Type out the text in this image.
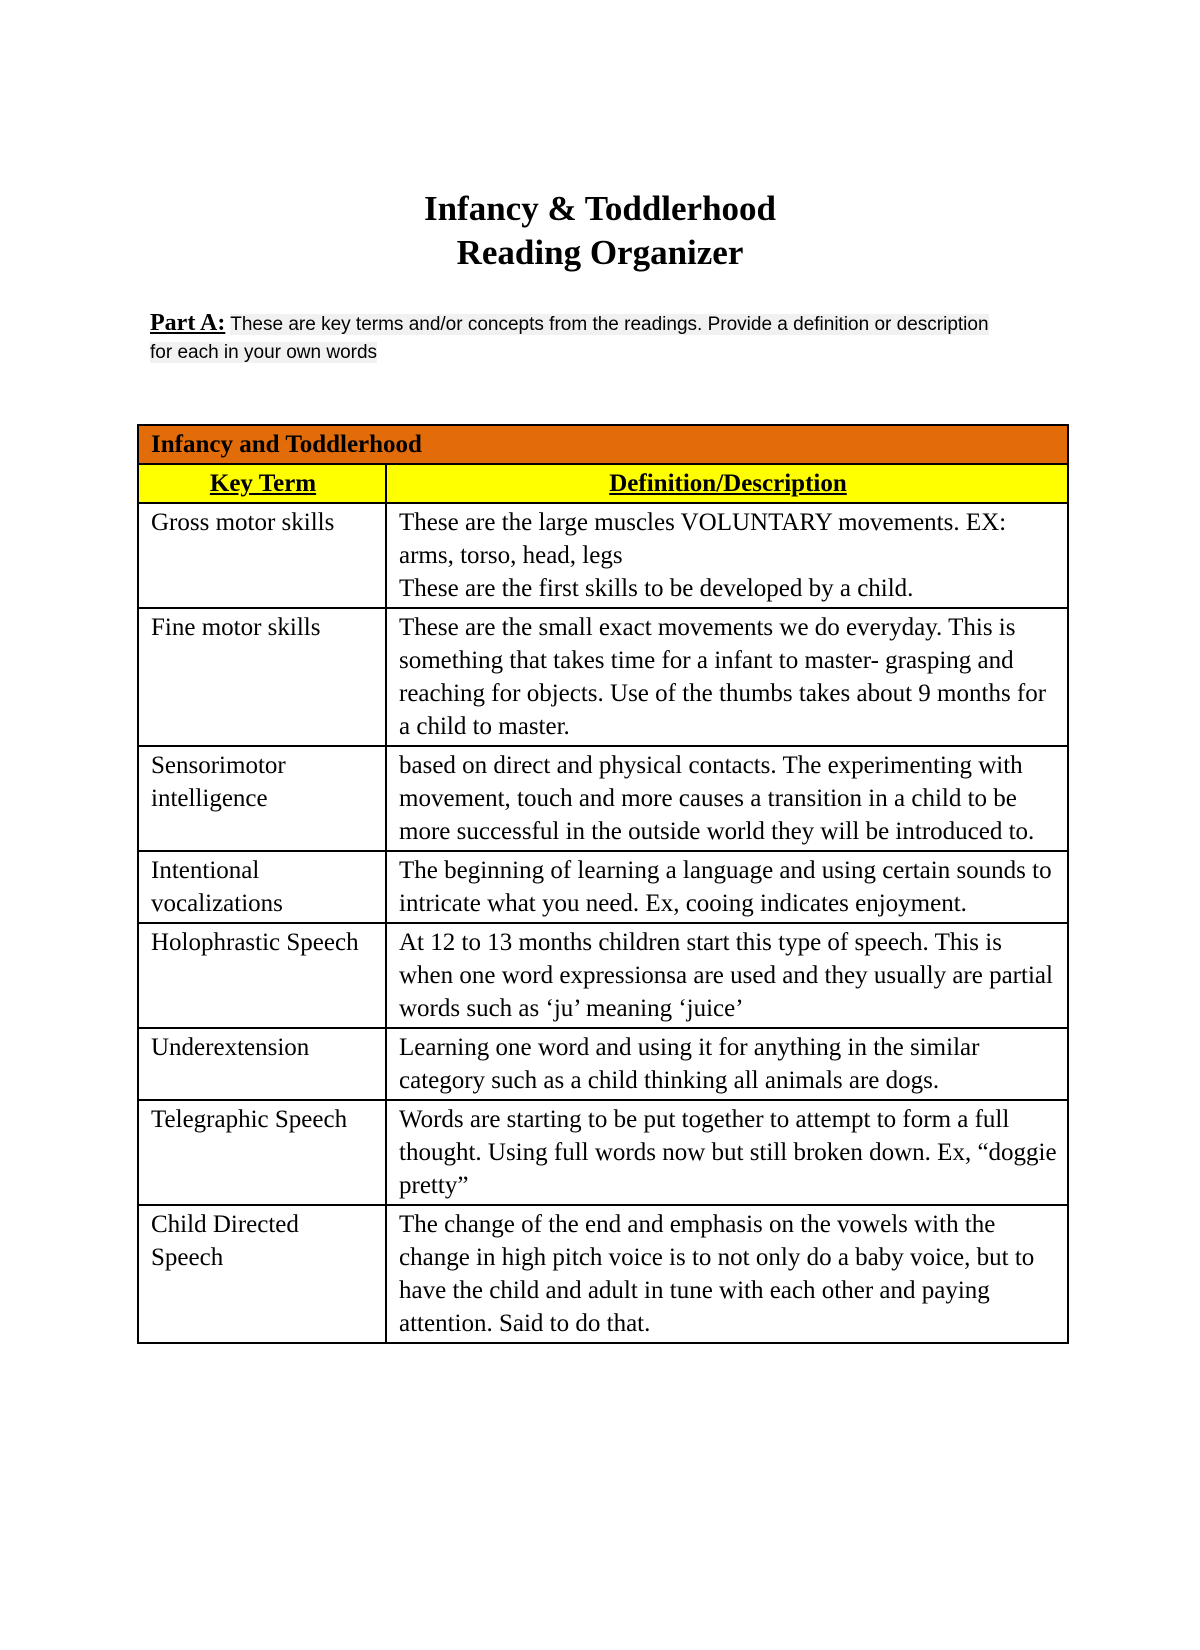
Infancy & Toddlerhood
Reading Organizer
Part A: These are key terms and/or concepts from the readings. Provide a definition or description for each in your own words
Infancy and Toddlerhood	
Key Term	Definition/Description
Gross motor skills	These are the large muscles VOLUNTARY movements. EX: arms, torso, head, legs
These are the first skills to be developed by a child.
Fine motor skills	These are the small exact movements we do everyday. This is something that takes time for a infant to master- grasping and reaching for objects. Use of the thumbs takes about 9 months for a child to master.
Sensorimotor intelligence	based on direct and physical contacts. The experimenting with movement, touch and more causes a transition in a child to be more successful in the outside world they will be introduced to.
Intentional vocalizations	The beginning of learning a language and using certain sounds to intricate what you need. Ex, cooing indicates enjoyment.
Holophrastic Speech	At 12 to 13 months children start this type of speech. This is when one word expressionsa are used and they usually are partial words such as ‘ju’ meaning ‘juice’
Underextension	Learning one word and using it for anything in the similar category such as a child thinking all animals are dogs.
Telegraphic Speech	Words are starting to be put together to attempt to form a full thought. Using full words now but still broken down. Ex, “doggie pretty”
Child Directed Speech	The change of the end and emphasis on the vowels with the change in high pitch voice is to not only do a baby voice, but to have the child and adult in tune with each other and paying attention. Said to do that.
